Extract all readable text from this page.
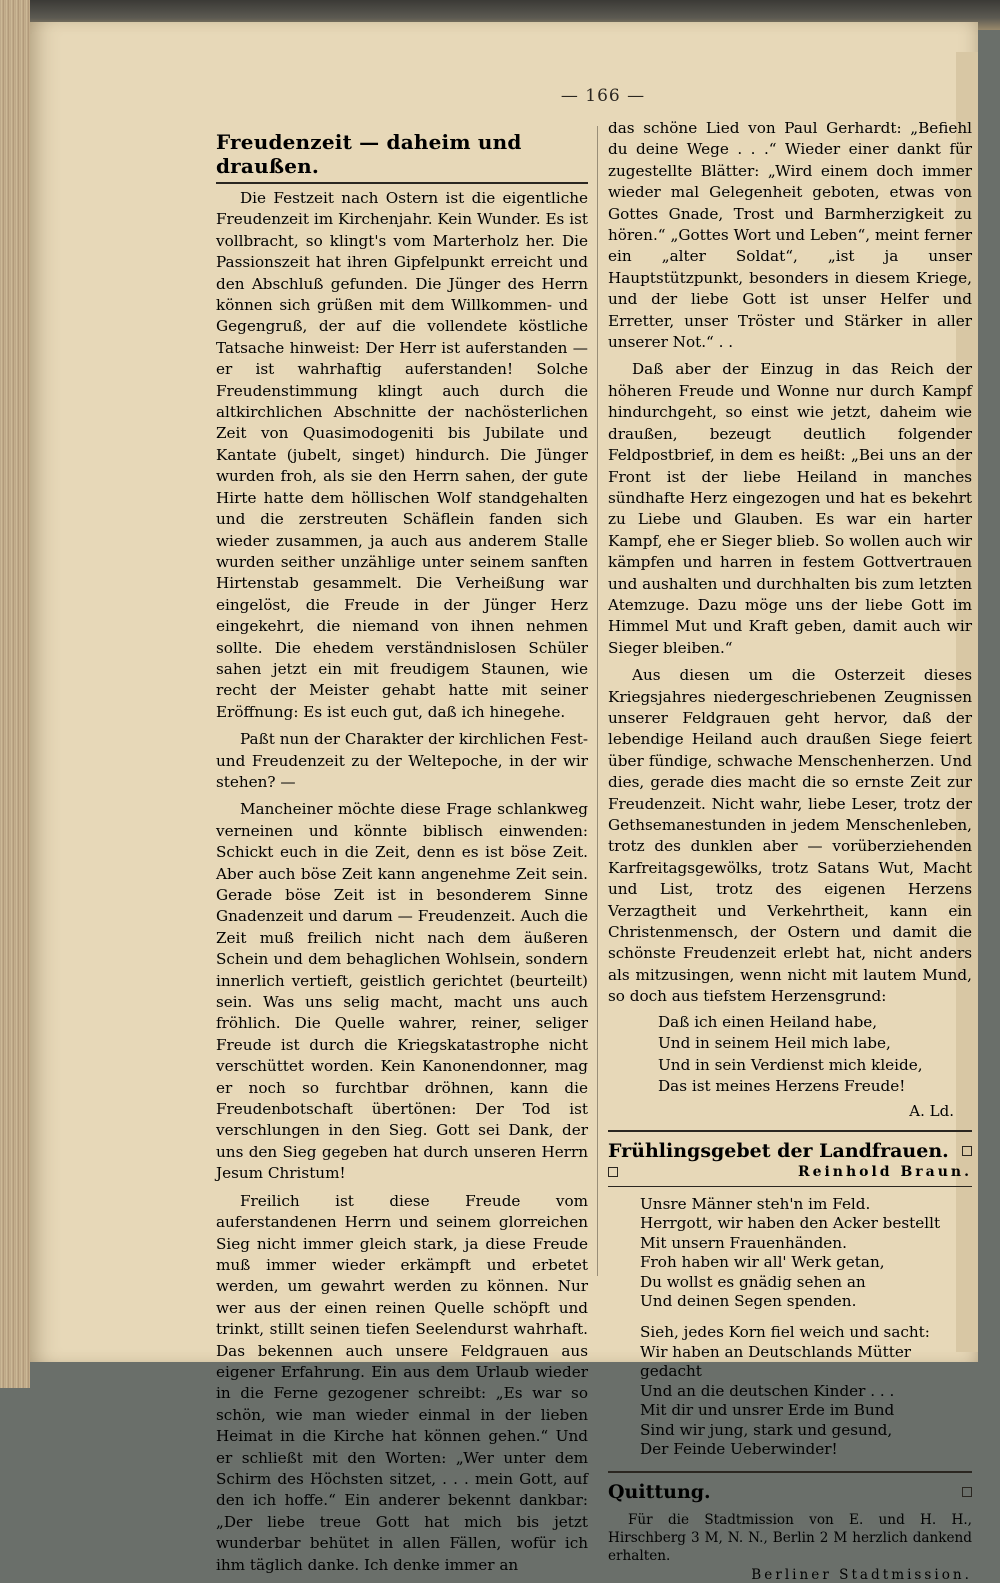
— 166 —
Freudenzeit — daheim und draußen.

Die Festzeit nach Ostern ist die eigentliche Freudenzeit im Kirchenjahr. Kein Wunder. Es ist vollbracht, so klingt's vom Marterholz her. Die Passionszeit hat ihren Gipfelpunkt erreicht und den Abschluß gefunden. Die Jünger des Herrn können sich grüßen mit dem Willkommen- und Gegengruß, der auf die vollendete köstliche Tatsache hinweist: Der Herr ist auferstanden — er ist wahrhaftig auferstanden! Solche Freudenstimmung klingt auch durch die altkirchlichen Abschnitte der nachösterlichen Zeit von Quasimodogeniti bis Jubilate und Kantate (jubelt, singet) hindurch. Die Jünger wurden froh, als sie den Herrn sahen, der gute Hirte hatte dem höllischen Wolf standgehalten und die zerstreuten Schäflein fanden sich wieder zusammen, ja auch aus anderem Stalle wurden seither unzählige unter seinem sanften Hirtenstab gesammelt. Die Verheißung war eingelöst, die Freude in der Jünger Herz eingekehrt, die niemand von ihnen nehmen sollte. Die ehedem verständnislosen Schüler sahen jetzt ein mit freudigem Staunen, wie recht der Meister gehabt hatte mit seiner Eröffnung: Es ist euch gut, daß ich hinegehe.

Paßt nun der Charakter der kirchlichen Fest- und Freudenzeit zu der Weltepoche, in der wir stehen? —

Mancheiner möchte diese Frage schlankweg verneinen und könnte biblisch einwenden: Schickt euch in die Zeit, denn es ist böse Zeit. Aber auch böse Zeit kann angenehme Zeit sein. Gerade böse Zeit ist in besonderem Sinne Gnadenzeit und darum — Freudenzeit. Auch die Zeit muß freilich nicht nach dem äußeren Schein und dem behaglichen Wohlsein, sondern innerlich vertieft, geistlich gerichtet (beurteilt) sein. Was uns selig macht, macht uns auch fröhlich. Die Quelle wahrer, reiner, seliger Freude ist durch die Kriegskatastrophe nicht verschüttet worden. Kein Kanonendonner, mag er noch so furchtbar dröhnen, kann die Freudenbotschaft übertönen: Der Tod ist verschlungen in den Sieg. Gott sei Dank, der uns den Sieg gegeben hat durch unseren Herrn Jesum Christum!

Freilich ist diese Freude vom auferstandenen Herrn und seinem glorreichen Sieg nicht immer gleich stark, ja diese Freude muß immer wieder erkämpft und erbetet werden, um gewahrt werden zu können. Nur wer aus der einen reinen Quelle schöpft und trinkt, stillt seinen tiefen Seelendurst wahrhaft. Das bekennen auch unsere Feldgrauen aus eigener Erfahrung. Ein aus dem Urlaub wieder in die Ferne gezogener schreibt: „Es war so schön, wie man wieder einmal in der lieben Heimat in die Kirche hat können gehen.“ Und er schließt mit den Worten: „Wer unter dem Schirm des Höchsten sitzet, . . . mein Gott, auf den ich hoffe.“ Ein anderer bekennt dankbar: „Der liebe treue Gott hat mich bis jetzt wunderbar behütet in allen Fällen, wofür ich ihm täglich danke. Ich denke immer an

das schöne Lied von Paul Gerhardt: „Befiehl du deine Wege . . .“ Wieder einer dankt für zugestellte Blätter: „Wird einem doch immer wieder mal Gelegenheit geboten, etwas von Gottes Gnade, Trost und Barmherzigkeit zu hören.“ „Gottes Wort und Leben“, meint ferner ein „alter Soldat“, „ist ja unser Hauptstützpunkt, besonders in diesem Kriege, und der liebe Gott ist unser Helfer und Erretter, unser Tröster und Stärker in aller unserer Not.“ . .

Daß aber der Einzug in das Reich der höheren Freude und Wonne nur durch Kampf hindurchgeht, so einst wie jetzt, daheim wie draußen, bezeugt deutlich folgender Feldpostbrief, in dem es heißt: „Bei uns an der Front ist der liebe Heiland in manches sündhafte Herz eingezogen und hat es bekehrt zu Liebe und Glauben. Es war ein harter Kampf, ehe er Sieger blieb. So wollen auch wir kämpfen und harren in festem Gottvertrauen und aushalten und durchhalten bis zum letzten Atemzuge. Dazu möge uns der liebe Gott im Himmel Mut und Kraft geben, damit auch wir Sieger bleiben.“

Aus diesen um die Osterzeit dieses Kriegsjahres niedergeschriebenen Zeugnissen unserer Feldgrauen geht hervor, daß der lebendige Heiland auch draußen Siege feiert über fündige, schwache Menschenherzen. Und dies, gerade dies macht die so ernste Zeit zur Freudenzeit. Nicht wahr, liebe Leser, trotz der Gethsemanestunden in jedem Menschenleben, trotz des dunklen aber — vorüberziehenden Karfreitagsgewölks, trotz Satans Wut, Macht und List, trotz des eigenen Herzens Verzagtheit und Verkehrtheit, kann ein Christenmensch, der Ostern und damit die schönste Freudenzeit erlebt hat, nicht anders als mitzusingen, wenn nicht mit lautem Mund, so doch aus tiefstem Herzensgrund:

Daß ich einen Heiland habe,
Und in seinem Heil mich labe,
Und in sein Verdienst mich kleide,
Das ist meines Herzens Freude!
A. Ld.
Frühlingsgebet der Landfrauen.
Reinhold Braun.
Unsre Männer steh'n im Feld.
Herrgott, wir haben den Acker bestellt
Mit unsern Frauenhänden.
Froh haben wir all' Werk getan,
Du wollst es gnädig sehen an
Und deinen Segen spenden.
Sieh, jedes Korn fiel weich und sacht:
Wir haben an Deutschlands Mütter gedacht
Und an die deutschen Kinder . . .
Mit dir und unsrer Erde im Bund
Sind wir jung, stark und gesund,
Der Feinde Ueberwinder!
Quittung.

Für die Stadtmission von E. und H. H., Hirschberg 3 M, N. N., Berlin 2 M herzlich dankend erhalten.

Berliner Stadtmission.
